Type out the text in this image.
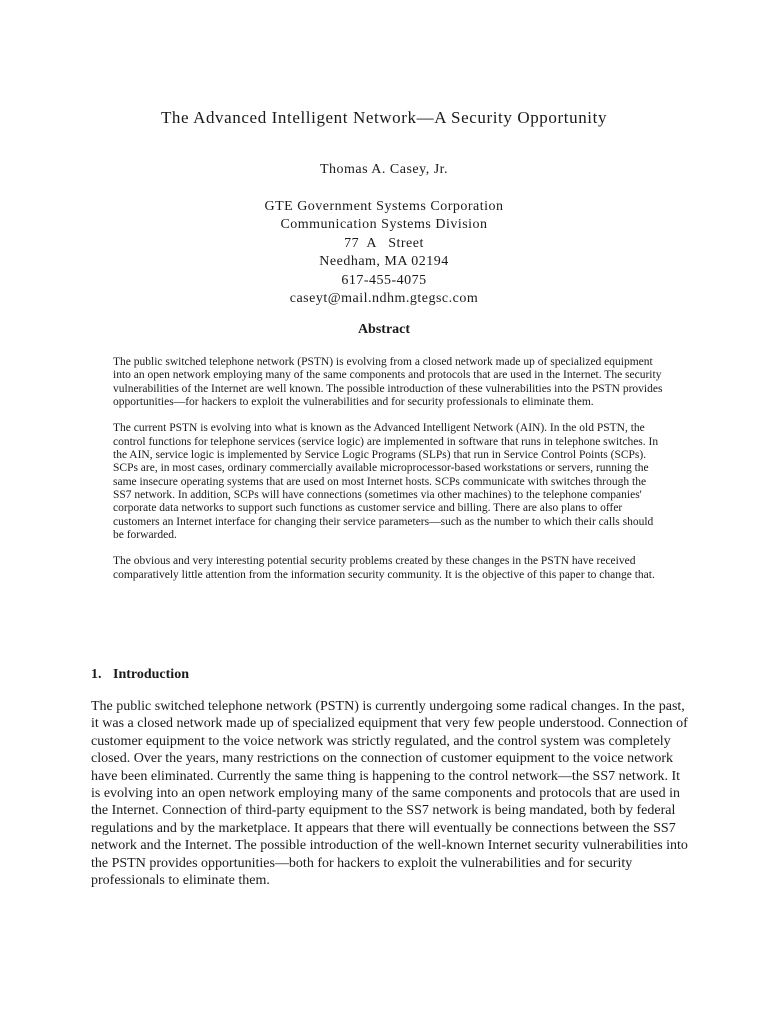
The Advanced Intelligent Network—A Security Opportunity
Thomas A. Casey, Jr.
GTE Government Systems Corporation
Communication Systems Division
77  A   Street
Needham, MA 02194
617-455-4075
caseyt@mail.ndhm.gtegsc.com
Abstract

The public switched telephone network (PSTN) is evolving from a closed network made up of specialized equipment into an open network employing many of the same components and protocols that are used in the Internet. The security vulnerabilities of the Internet are well known. The possible introduction of these vulnerabilities into the PSTN provides opportunities—for hackers to exploit the vulnerabilities and for security professionals to eliminate them.

The current PSTN is evolving into what is known as the Advanced Intelligent Network (AIN). In the old PSTN, the control functions for telephone services (service logic) are implemented in software that runs in telephone switches. In the AIN, service logic is implemented by Service Logic Programs (SLPs) that run in Service Control Points (SCPs). SCPs are, in most cases, ordinary commercially available microprocessor-based workstations or servers, running the same insecure operating systems that are used on most Internet hosts. SCPs communicate with switches through the SS7 network. In addition, SCPs will have connections (sometimes via other machines) to the telephone companies' corporate data networks to support such functions as customer service and billing. There are also plans to offer customers an Internet interface for changing their service parameters—such as the number to which their calls should be forwarded.

The obvious and very interesting potential security problems created by these changes in the PSTN have received comparatively little attention from the information security community. It is the objective of this paper to change that.

1. Introduction

The public switched telephone network (PSTN) is currently undergoing some radical changes. In the past, it was a closed network made up of specialized equipment that very few people understood. Connection of customer equipment to the voice network was strictly regulated, and the control system was completely closed. Over the years, many restrictions on the connection of customer equipment to the voice network have been eliminated. Currently the same thing is happening to the control network—the SS7 network. It is evolving into an open network employing many of the same components and protocols that are used in the Internet. Connection of third-party equipment to the SS7 network is being mandated, both by federal regulations and by the marketplace. It appears that there will eventually be connections between the SS7 network and the Internet. The possible introduction of the well-known Internet security vulnerabilities into the PSTN provides opportunities—both for hackers to exploit the vulnerabilities and for security professionals to eliminate them.
